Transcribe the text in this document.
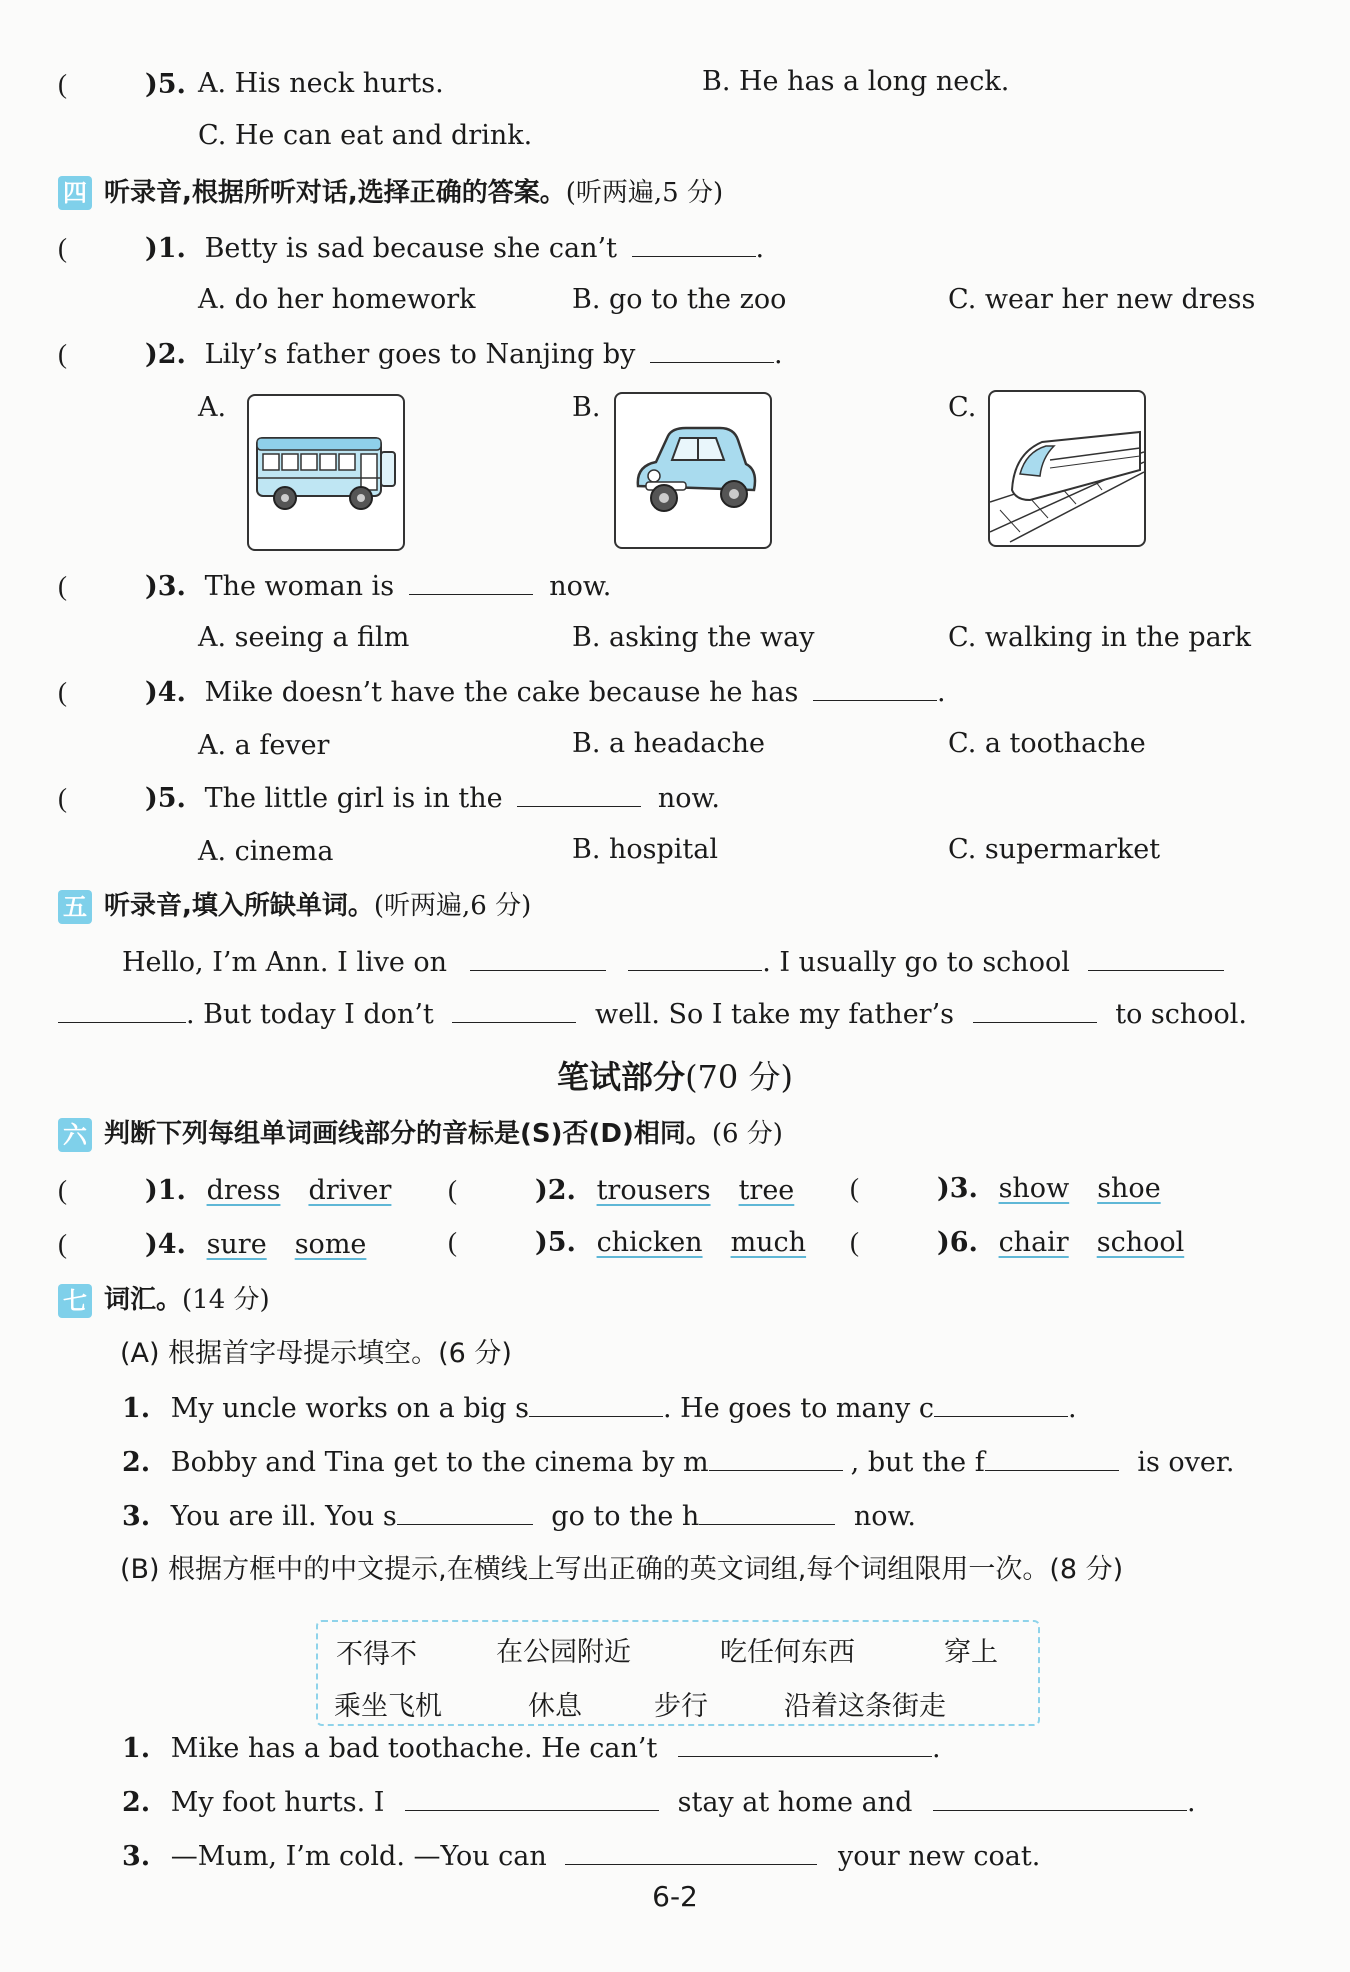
(	)5. A. His neck hurts.	B. He has a long neck.
C. He can eat and drink.
四 听录音,根据所听对话,选择正确的答案。(听两遍,5 分)
(	)1. Betty is sad because she can’t	.
A. do her homework	B. go to the zoo	C. wear her new dress
(	)2. Lily’s father goes to Nanjing by	.
A.	B.	C.
(	)3. The woman is	now.
A. seeing a film	B. asking the way	C. walking in the park
(	)4. Mike doesn’t have the cake because he has	.
A. a fever	B. a headache	C. a toothache
(	)5. The little girl is in the	now.
A. cinema	B. hospital	C. supermarket
五 听录音,填入所缺单词。(听两遍,6 分)
Hello, I’m Ann. I live on	. I usually go to school
. But today I don’t	well. So I take my father’s	to school.
笔试部分(70 分)
六 判断下列每组单词画线部分的音标是(S)否(D)相同。(6 分)
(	)1. dress driver (	)2. trousers tree (	)3. show shoe
(	)4. sure some	(	)5. chicken much (	)6. chair school
七 词汇。(14 分)
(A) 根据首字母提示填空。(6 分)
1. My uncle works on a big s	. He goes to many c	.
2. Bobby and Tina get to the cinema by m	, but the f	is over.
3. You are ill. You s	go to the h	now.
(B) 根据方框中的中文提示,在横线上写出正确的英文词组,每个词组限用一次。(8 分)
不得不	在公园附近	吃任何东西	穿上
乘坐飞机	休息	步行	沿着这条街走
1. Mike has a bad toothache. He can’t	.
2. My foot hurts. I	stay at home and	.
3. —Mum, I’m cold. —You can	your new coat.
6-2
